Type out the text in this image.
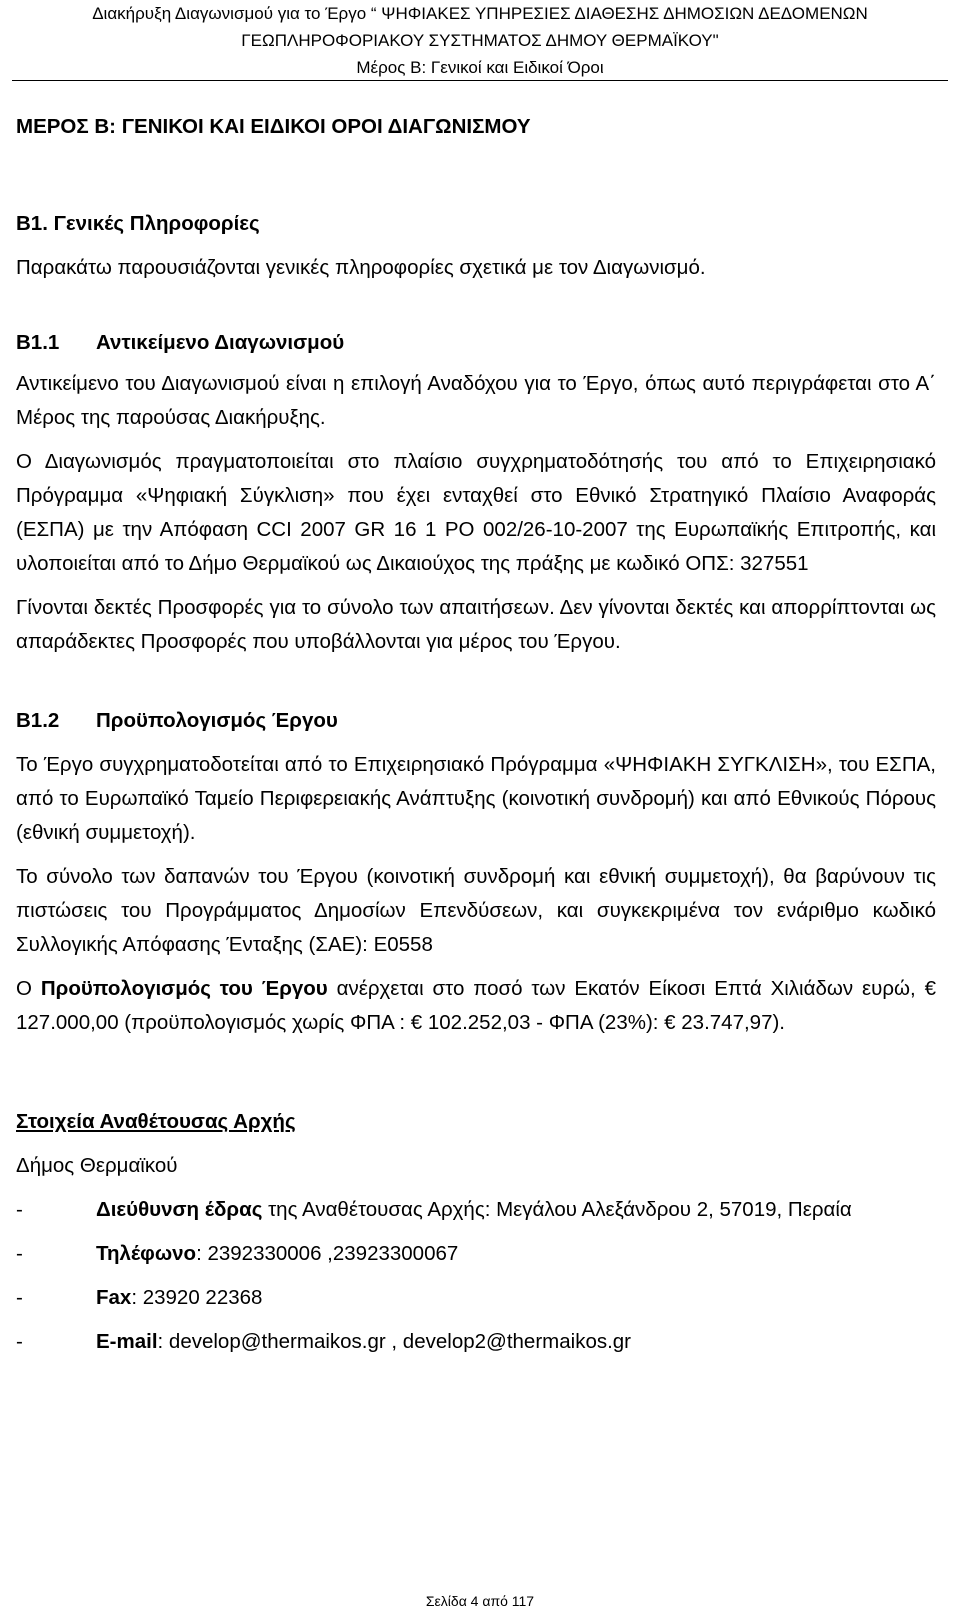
Διακήρυξη Διαγωνισμού για το Έργο “ ΨΗΦΙΑΚΕΣ ΥΠΗΡΕΣΙΕΣ ΔΙΑΘΕΣΗΣ ΔΗΜΟΣΙΩΝ ΔΕΔΟΜΕΝΩΝ
ΓΕΩΠΛΗΡΟΦΟΡΙΑΚΟΥ ΣΥΣΤΗΜΑΤΟΣ ΔΗΜΟΥ ΘΕΡΜΑΪΚΟΥ"
Μέρος Β: Γενικοί και Ειδικοί Όροι

ΜΕΡΟΣ Β: ΓΕΝΙΚΟΙ ΚΑΙ ΕΙΔΙΚΟΙ ΟΡΟΙ ΔΙΑΓΩΝΙΣΜΟΥ

Β1. Γενικές Πληροφορίες

Παρακάτω παρουσιάζονται γενικές πληροφορίες σχετικά με τον Διαγωνισμό.

Β1.1 Αντικείμενο Διαγωνισμού

Αντικείμενο του Διαγωνισμού είναι η επιλογή Αναδόχου για το Έργο, όπως αυτό περιγράφεται στο Α΄ Μέρος της παρούσας Διακήρυξης.

Ο Διαγωνισμός πραγματοποιείται στο πλαίσιο συγχρηματοδότησής του από το Επιχειρησιακό Πρόγραμμα «Ψηφιακή Σύγκλιση» που έχει ενταχθεί στο Εθνικό Στρατηγικό Πλαίσιο Αναφοράς (ΕΣΠΑ) με την Απόφαση CCI 2007 GR 16 1 PO 002/26-10-2007 της Ευρωπαϊκής Επιτροπής, και υλοποιείται από το Δήμο Θερμαϊκού ως Δικαιούχος της πράξης με κωδικό ΟΠΣ: 327551

Γίνονται δεκτές Προσφορές για το σύνολο των απαιτήσεων. Δεν γίνονται δεκτές και απορρίπτονται ως απαράδεκτες Προσφορές που υποβάλλονται για μέρος του Έργου.

Β1.2 Προϋπολογισμός Έργου

Το Έργο συγχρηματοδοτείται από το Επιχειρησιακό Πρόγραμμα «ΨΗΦΙΑΚΗ ΣΥΓΚΛΙΣΗ», του ΕΣΠΑ, από το Ευρωπαϊκό Ταμείο Περιφερειακής Ανάπτυξης (κοινοτική συνδρομή) και από Εθνικούς Πόρους (εθνική συμμετοχή).

Το σύνολο των δαπανών του Έργου (κοινοτική συνδρομή και εθνική συμμετοχή), θα βαρύνουν τις πιστώσεις του Προγράμματος Δημοσίων Επενδύσεων, και συγκεκριμένα τον ενάριθμο κωδικό Συλλογικής Απόφασης Ένταξης (ΣΑΕ): Ε0558

Ο Προϋπολογισμός του Έργου ανέρχεται στο ποσό των Εκατόν Είκοσι Επτά Χιλιάδων ευρώ, € 127.000,00 (προϋπολογισμός χωρίς ΦΠΑ : € 102.252,03 - ΦΠΑ (23%): € 23.747,97).

Στοιχεία Αναθέτουσας Αρχής

Δήμος Θερμαϊκού

-	Διεύθυνση έδρας της Αναθέτουσας Αρχής: Μεγάλου Αλεξάνδρου 2, 57019, Περαία

-	Τηλέφωνο: 2392330006 ,23923300067

-	Fax: 23920 22368

-	E-mail: develop@thermaikos.gr , develop2@thermaikos.gr

Σελίδα 4 από 117
